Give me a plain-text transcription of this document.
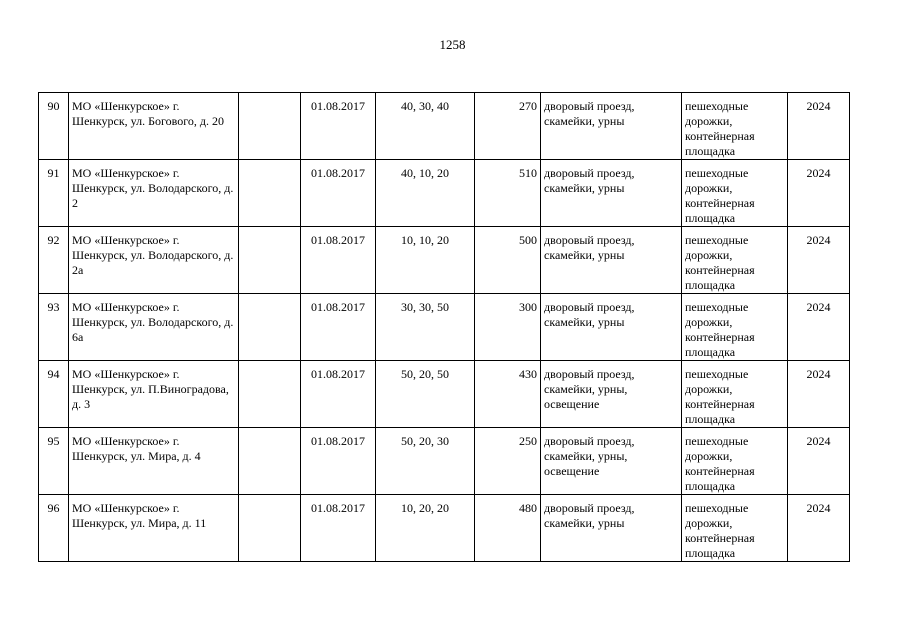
1258
90	МО «Шенкурское» г. Шенкурск, ул. Богового, д. 20		01.08.2017	40, 30, 40	270	дворовый проезд, скамейки, урны	пешеходные дорожки, контейнерная площадка	2024
91	МО «Шенкурское» г. Шенкурск, ул. Володарского, д. 2		01.08.2017	40, 10, 20	510	дворовый проезд, скамейки, урны	пешеходные дорожки, контейнерная площадка	2024
92	МО «Шенкурское» г. Шенкурск, ул. Володарского, д. 2а		01.08.2017	10, 10, 20	500	дворовый проезд, скамейки, урны	пешеходные дорожки, контейнерная площадка	2024
93	МО «Шенкурское» г. Шенкурск, ул. Володарского, д. 6а		01.08.2017	30, 30, 50	300	дворовый проезд, скамейки, урны	пешеходные дорожки, контейнерная площадка	2024
94	МО «Шенкурское» г. Шенкурск, ул. П.Виноградова, д. 3		01.08.2017	50, 20, 50	430	дворовый проезд, скамейки, урны, освещение	пешеходные дорожки, контейнерная площадка	2024
95	МО «Шенкурское» г. Шенкурск, ул. Мира, д. 4		01.08.2017	50, 20, 30	250	дворовый проезд, скамейки, урны, освещение	пешеходные дорожки, контейнерная площадка	2024
96	МО «Шенкурское» г. Шенкурск, ул. Мира, д. 11		01.08.2017	10, 20, 20	480	дворовый проезд, скамейки, урны	пешеходные дорожки, контейнерная площадка	2024
